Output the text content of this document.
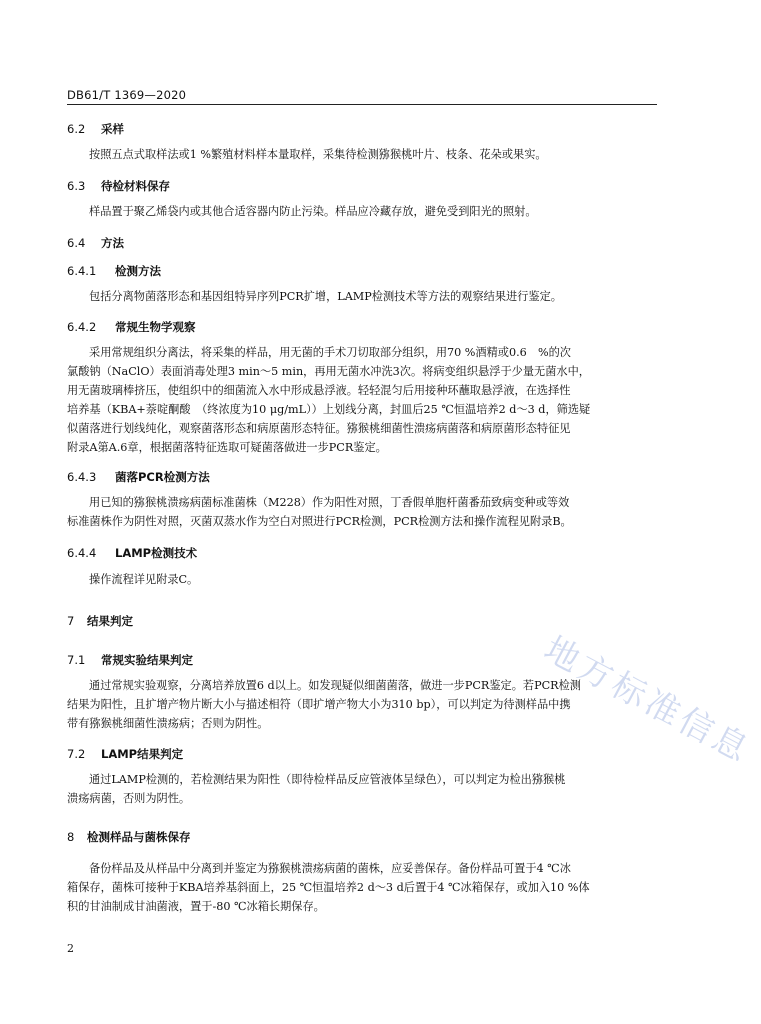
DB61/T 1369—2020
6.2 采样
按照五点式取样法或1 %繁殖材料样本量取样，采集待检测猕猴桃叶片、枝条、花朵或果实。
6.3 待检材料保存
样品置于聚乙烯袋内或其他合适容器内防止污染。样品应冷藏存放，避免受到阳光的照射。
6.4 方法
6.4.1 检测方法
包括分离物菌落形态和基因组特异序列PCR扩增，LAMP检测技术等方法的观察结果进行鉴定。
6.4.2 常规生物学观察
采用常规组织分离法，将采集的样品，用无菌的手术刀切取部分组织，用70 %酒精或0.6　%的次
氯酸钠（NaClO）表面消毒处理3 min～5 min，再用无菌水冲洗3次。将病变组织悬浮于少量无菌水中，
用无菌玻璃棒挤压，使组织中的细菌流入水中形成悬浮液。轻轻混匀后用接种环蘸取悬浮液，在选择性
培养基（KBA+萘啶酮酸　（终浓度为10 μg/mL））上划线分离，封皿后25 ℃恒温培养2 d～3 d，筛选疑
似菌落进行划线纯化，观察菌落形态和病原菌形态特征。猕猴桃细菌性溃疡病菌落和病原菌形态特征见
附录A第A.6章，根据菌落特征选取可疑菌落做进一步PCR鉴定。
6.4.3 菌落PCR检测方法
用已知的猕猴桃溃疡病菌标准菌株（M228）作为阳性对照，丁香假单胞杆菌番茄致病变种或等效
标准菌株作为阴性对照，灭菌双蒸水作为空白对照进行PCR检测，PCR检测方法和操作流程见附录B。
6.4.4 LAMP检测技术
操作流程详见附录C。
7 结果判定
7.1 常规实验结果判定
通过常规实验观察，分离培养放置6 d以上。如发现疑似细菌菌落，做进一步PCR鉴定。若PCR检测
结果为阳性，且扩增产物片断大小与描述相符（即扩增产物大小为310 bp），可以判定为待测样品中携
带有猕猴桃细菌性溃疡病；否则为阴性。
7.2 LAMP结果判定
通过LAMP检测的，若检测结果为阳性（即待检样品反应管液体呈绿色），可以判定为检出猕猴桃
溃疡病菌，否则为阴性。
8 检测样品与菌株保存
备份样品及从样品中分离到并鉴定为猕猴桃溃疡病菌的菌株，应妥善保存。备份样品可置于4 ℃冰
箱保存，菌株可接种于KBA培养基斜面上，25 ℃恒温培养2 d～3 d后置于4 ℃冰箱保存，或加入10 %体
积的甘油制成甘油菌液，置于-80 ℃冰箱长期保存。
地方标准信息
2
